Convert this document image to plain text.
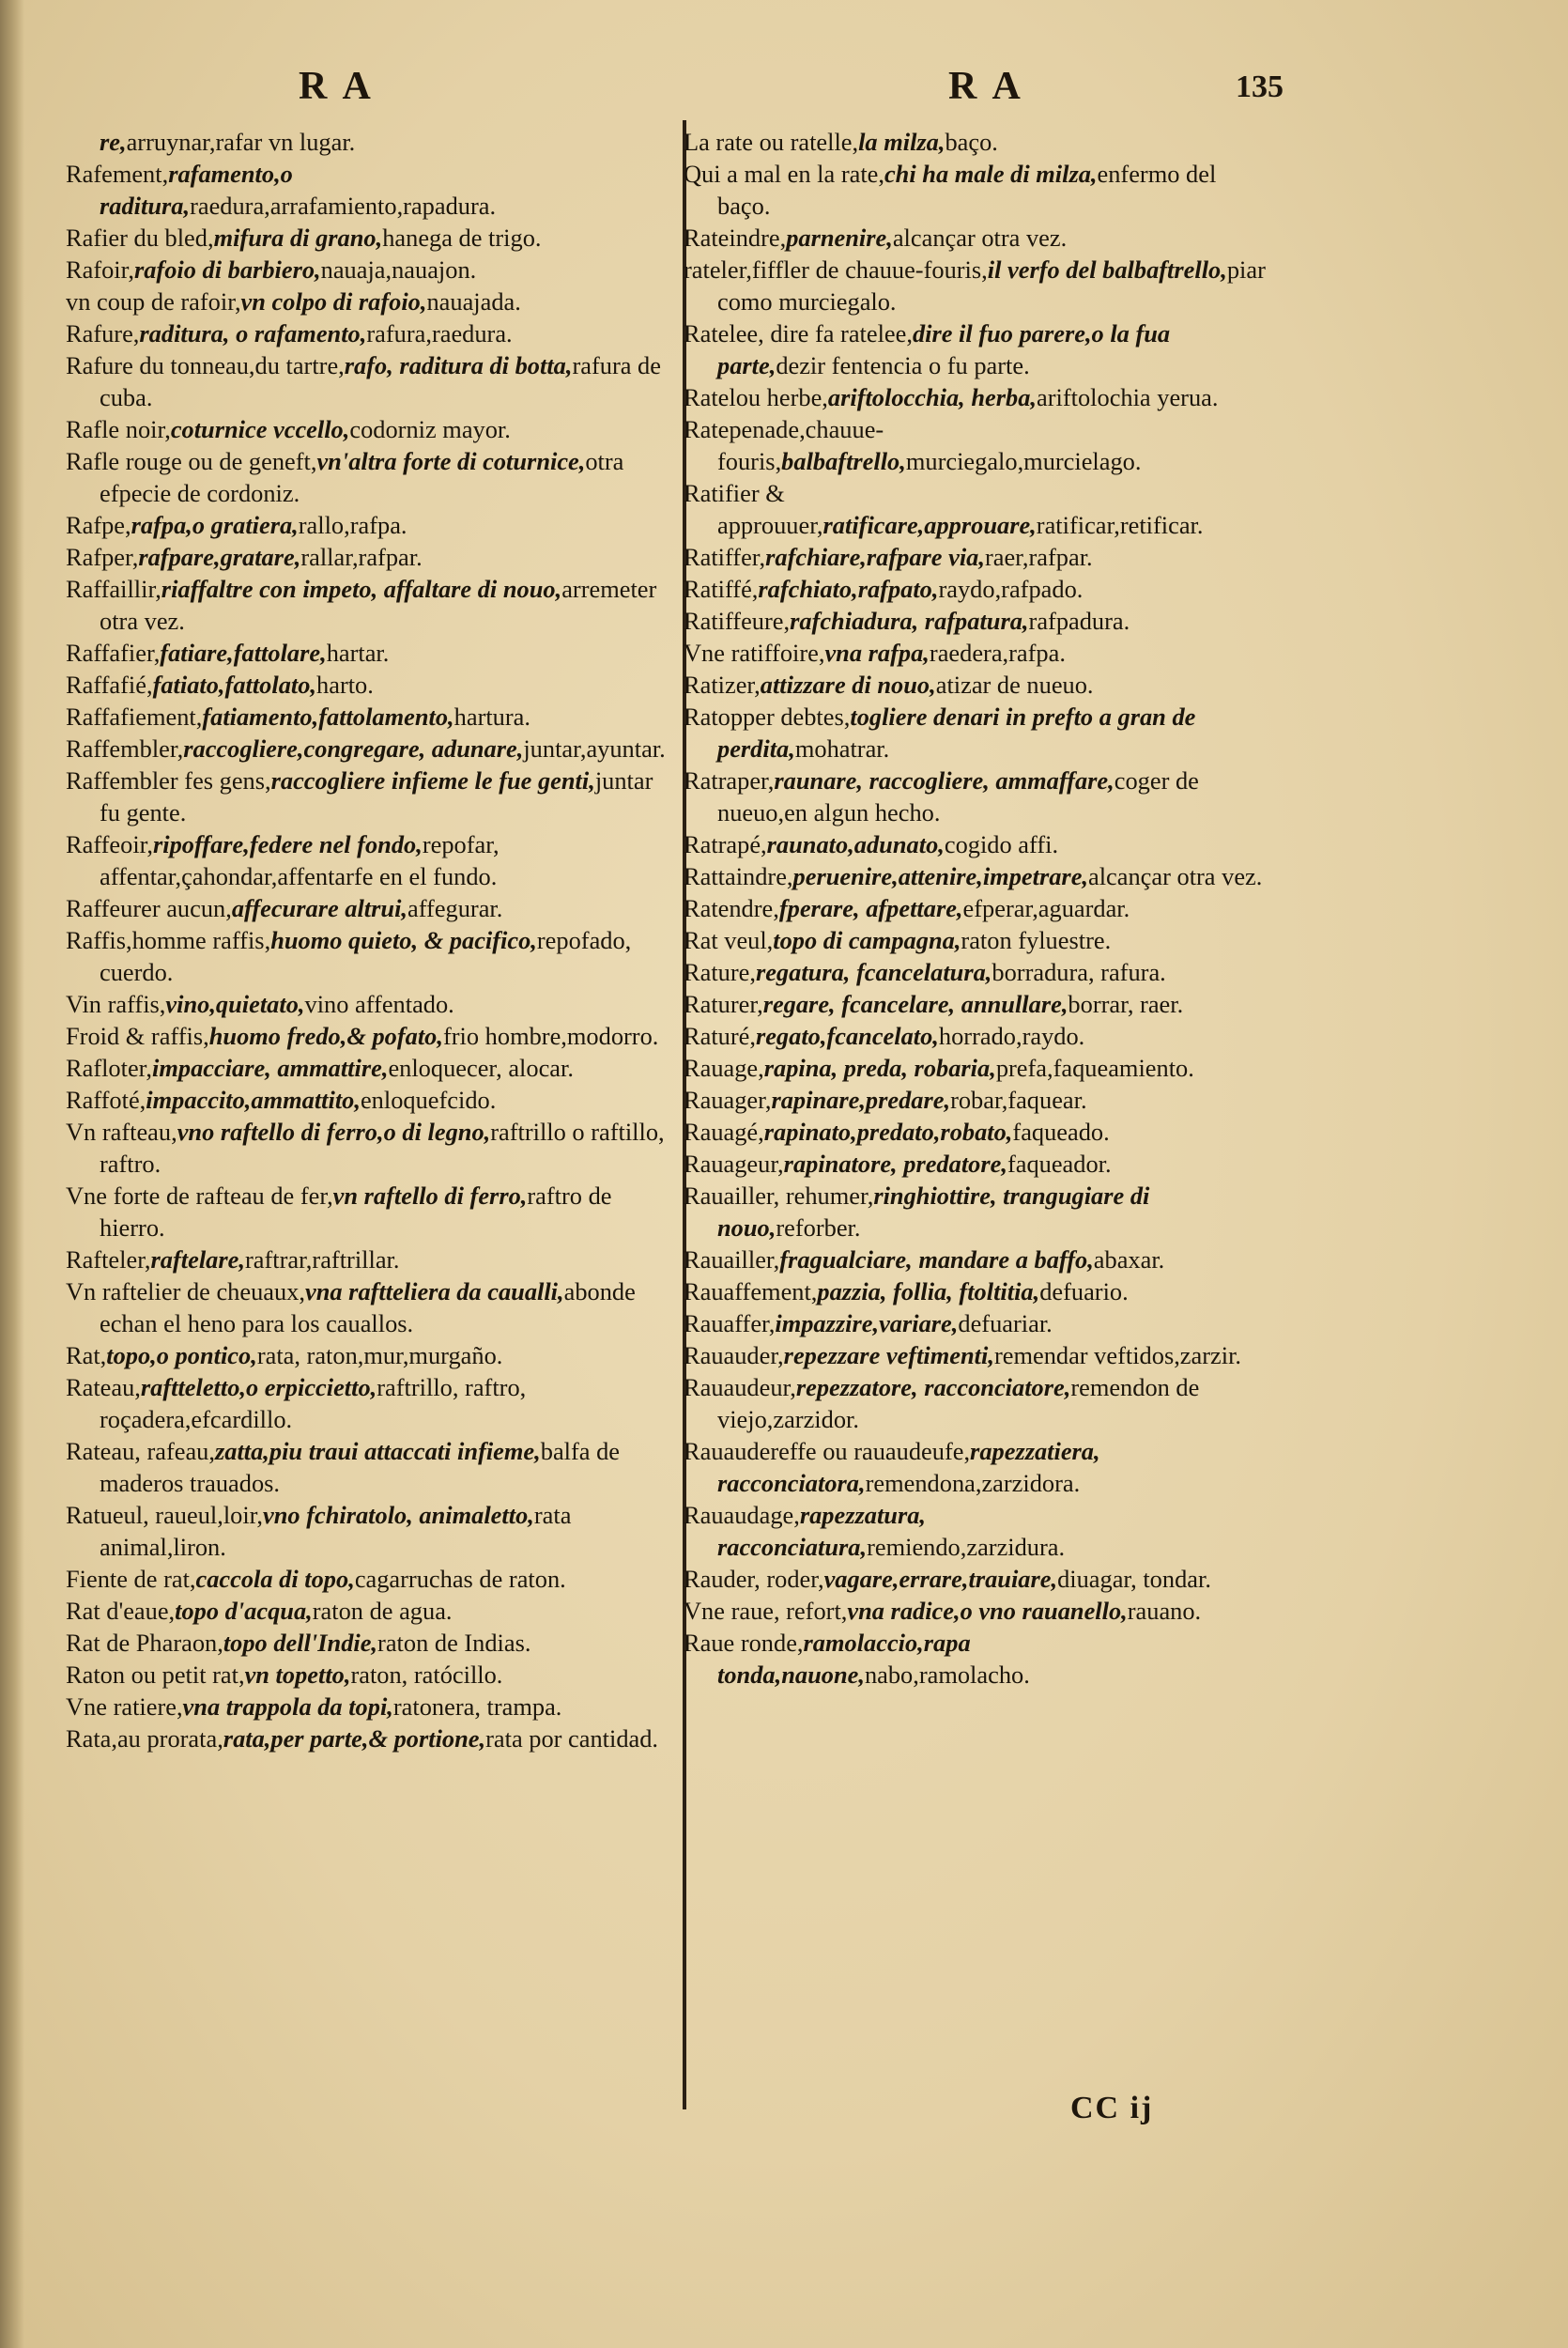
R A	R A	135

re,arruynar,rafar vn lugar.

Rafement,rafamento,o raditura,raedura,arrafamiento,rapadura.

Rafier du bled,mifura di grano,hanega de trigo.

Rafoir,rafoio di barbiero,nauaja,nauajon.

vn coup de rafoir,vn colpo di rafoio,nauajada.

Rafure,raditura, o rafamento,rafura,raedura.

Rafure du tonneau,du tartre,rafo, raditura di botta,rafura de cuba.

Rafle noir,coturnice vccello,codorniz mayor.

Rafle rouge ou de geneft,vn'altra forte di coturnice,otra efpecie de cordoniz.

Rafpe,rafpa,o gratiera,rallo,rafpa.

Rafper,rafpare,gratare,rallar,rafpar.

Raffaillir,riaffaltre con impeto, affaltare di nouo,arremeter otra vez.

Raffafier,fatiare,fattolare,hartar.

Raffafié,fatiato,fattolato,harto.

Raffafiement,fatiamento,fattolamento,hartura.

Raffembler,raccogliere,congregare, adunare,juntar,ayuntar.

Raffembler fes gens,raccogliere infieme le fue genti,juntar fu gente.

Raffeoir,ripoffare,federe nel fondo,repofar, affentar,çahondar,affentarfe en el fundo.

Raffeurer aucun,affecurare altrui,affegurar.

Raffis,homme raffis,huomo quieto, & pacifico,repofado, cuerdo.

Vin raffis,vino,quietato,vino affentado.

Froid & raffis,huomo fredo,& pofato,frio hombre,modorro.

Rafloter,impacciare, ammattire,enloquecer, alocar.

Raffoté,impaccito,ammattito,enloquefcido.

Vn rafteau,vno raftello di ferro,o di legno,raftrillo o raftillo, raftro.

Vne forte de rafteau de fer,vn raftello di ferro,raftro de hierro.

Rafteler,raftelare,raftrar,raftrillar.

Vn raftelier de cheuaux,vna raftteliera da caualli,abonde echan el heno para los cauallos.

Rat,topo,o pontico,rata, raton,mur,murgaño.

Rateau,raftteletto,o erpiccietto,raftrillo, raftro, roçadera,efcardillo.

Rateau, rafeau,zatta,piu traui attaccati infieme,balfa de maderos trauados.

Ratueul, raueul,loir,vno fchiratolo, animaletto,rata animal,liron.

Fiente de rat,caccola di topo,cagarruchas de raton.

Rat d'eaue,topo d'acqua,raton de agua.

Rat de Pharaon,topo dell'Indie,raton de Indias.

Raton ou petit rat,vn topetto,raton, ratócillo.

Vne ratiere,vna trappola da topi,ratonera, trampa.

Rata,au prorata,rata,per parte,& portione,rata por cantidad.

La rate ou ratelle,la milza,baço.

Qui a mal en la rate,chi ha male di milza,enfermo del baço.

Rateindre,parnenire,alcançar otra vez.

rateler,fiffler de chauue-fouris,il verfo del balbaftrello,piar como murciegalo.

Ratelee, dire fa ratelee,dire il fuo parere,o la fua parte,dezir fentencia o fu parte.

Ratelou herbe,ariftolocchia, herba,ariftolochia yerua.

Ratepenade,chauue-fouris,balbaftrello,murciegalo,murcielago.

Ratifier & approuuer,ratificare,approuare,ratificar,retificar.

Ratiffer,rafchiare,rafpare via,raer,rafpar.

Ratiffé,rafchiato,rafpato,raydo,rafpado.

Ratiffeure,rafchiadura, rafpatura,rafpadura.

Vne ratiffoire,vna rafpa,raedera,rafpa.

Ratizer,attizzare di nouo,atizar de nueuo.

Ratopper debtes,togliere denari in prefto a gran de perdita,mohatrar.

Ratraper,raunare, raccogliere, ammaffare,coger de nueuo,en algun hecho.

Ratrapé,raunato,adunato,cogido affi.

Rattaindre,peruenire,attenire,impetrare,alcançar otra vez.

Ratendre,fperare, afpettare,efperar,aguardar.

Rat veul,topo di campagna,raton fyluestre.

Rature,regatura, fcancelatura,borradura, rafura.

Raturer,regare, fcancelare, annullare,borrar, raer.

Raturé,regato,fcancelato,horrado,raydo.

Rauage,rapina, preda, robaria,prefa,faqueamiento.

Rauager,rapinare,predare,robar,faquear.

Rauagé,rapinato,predato,robato,faqueado.

Rauageur,rapinatore, predatore,faqueador.

Rauailler, rehumer,ringhiottire, trangugiare di nouo,reforber.

Rauailler,fragualciare, mandare a baffo,abaxar.

Rauaffement,pazzia, follia, ftoltitia,defuario.

Rauaffer,impazzire,variare,defuariar.

Rauauder,repezzare veftimenti,remendar veftidos,zarzir.

Rauaudeur,repezzatore, racconciatore,remendon de viejo,zarzidor.

Rauaudereffe ou rauaudeufe,rapezzatiera, racconciatora,remendona,zarzidora.

Rauaudage,rapezzatura, racconciatura,remiendo,zarzidura.

Rauder, roder,vagare,errare,trauiare,diuagar, tondar.

Vne raue, refort,vna radice,o vno rauanello,rauano.

Raue ronde,ramolaccio,rapa tonda,nauone,nabo,ramolacho.

CC ij
